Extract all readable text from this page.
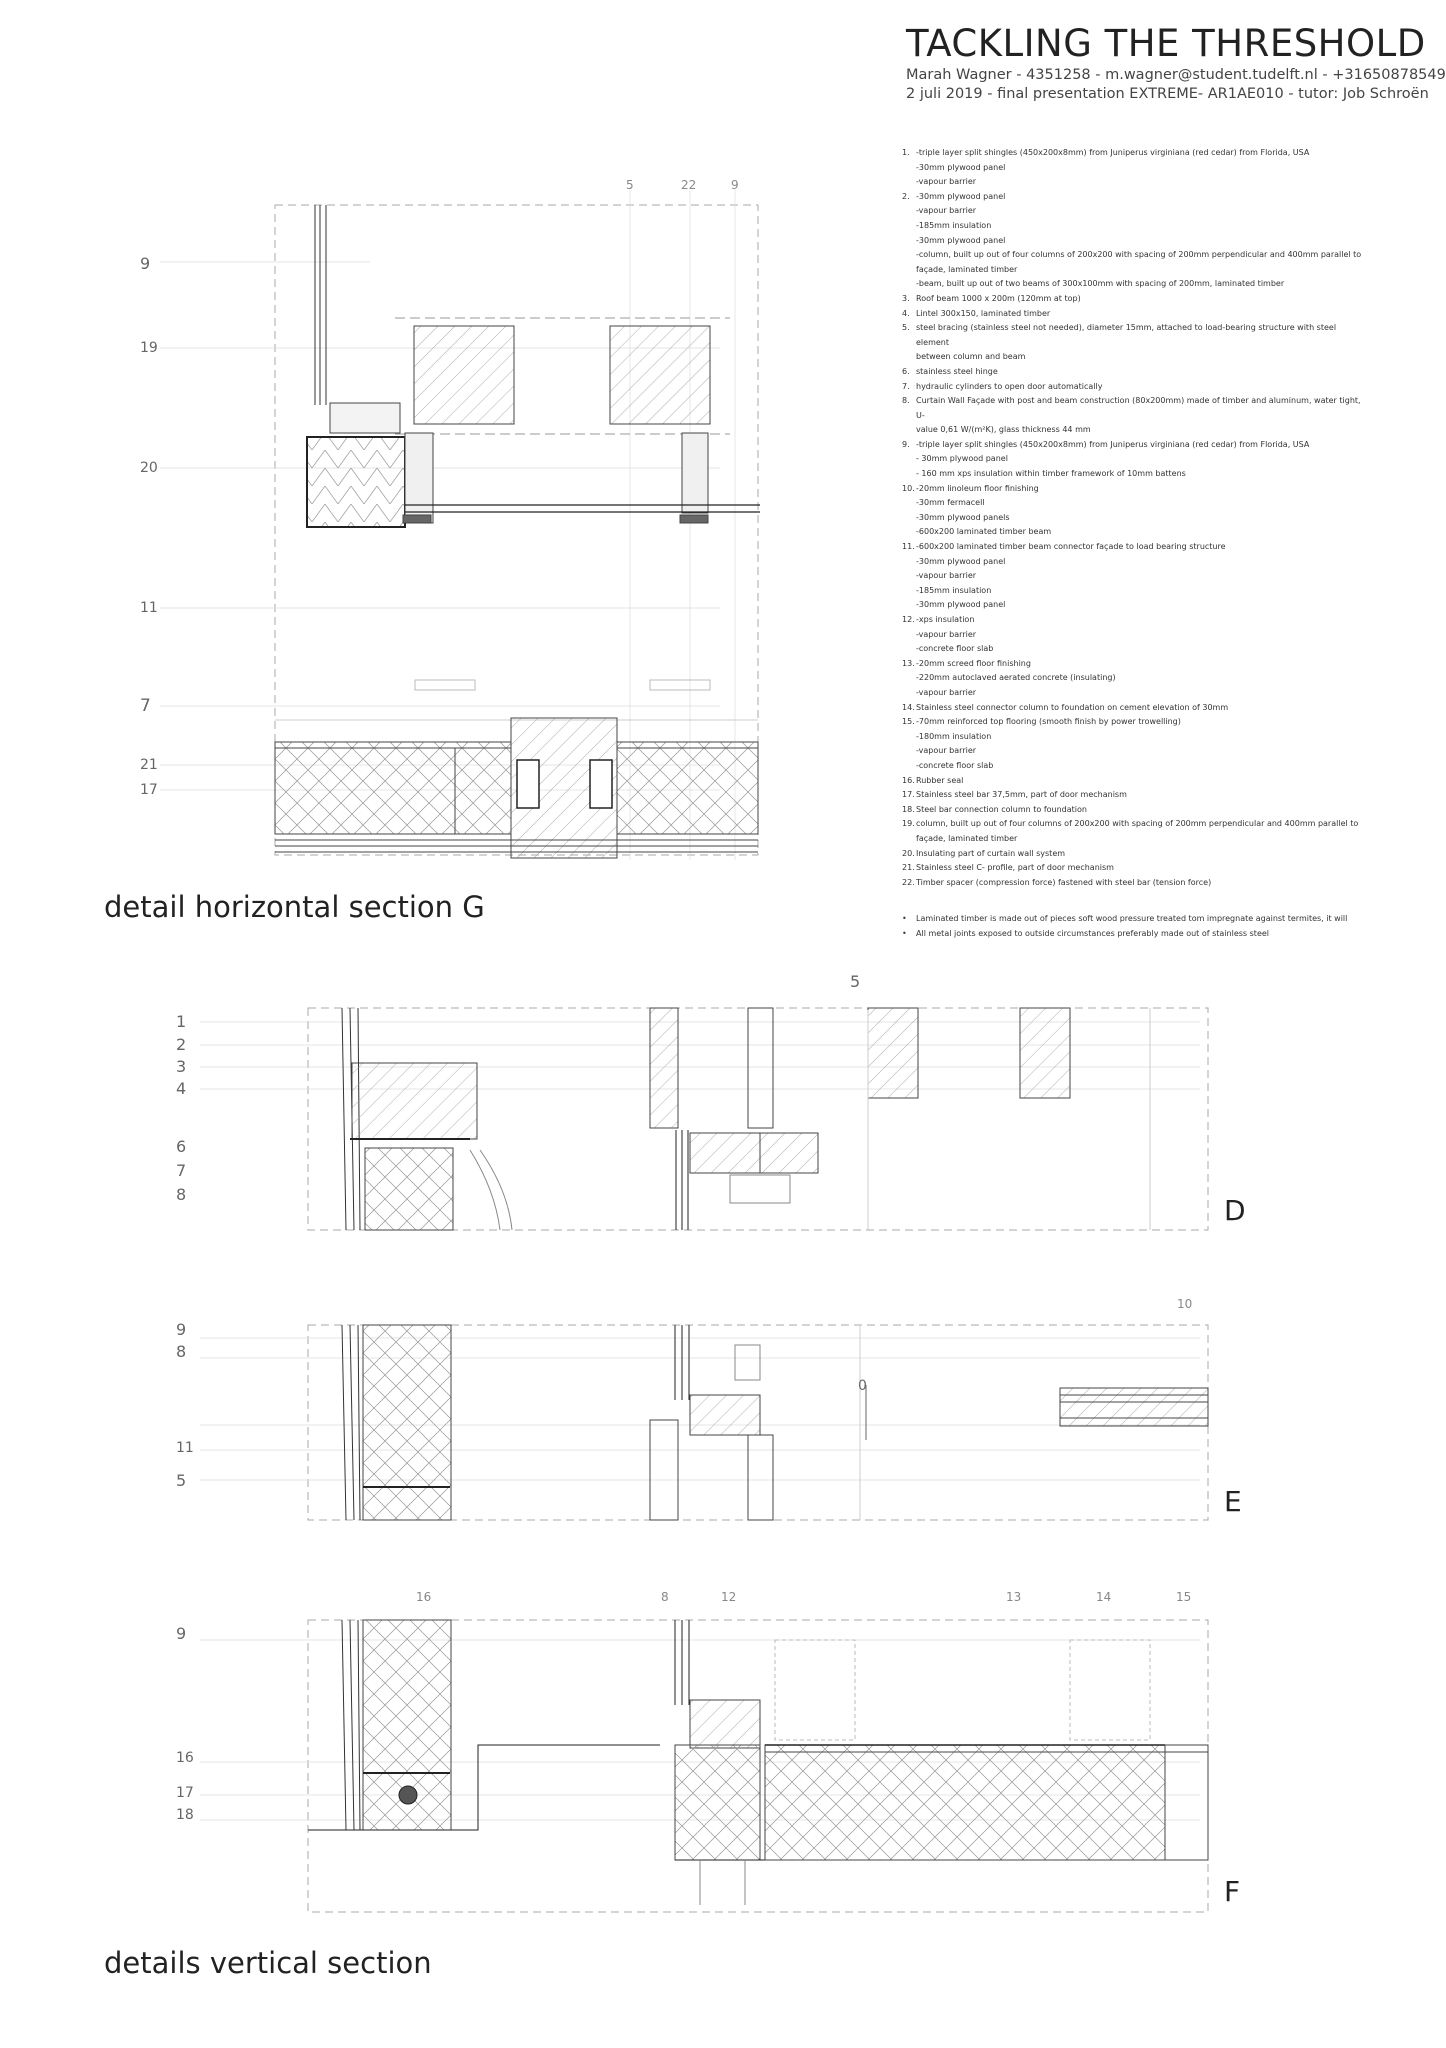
TACKLING THE THRESHOLD
Marah Wagner - 4351258 - m.wagner@student.tudelft.nl - +31650878549
2 juli 2019 - final presentation EXTREME- AR1AE010 - tutor: Job Schroën
1. -triple layer split shingles (450x200x8mm) from Juniperus virginiana (red cedar) from Florida, USA
-30mm plywood panel
-vapour barrier
2. -30mm plywood panel
-vapour barrier
-185mm insulation
-30mm plywood panel
-column, built up out of four columns of 200x200 with spacing of 200mm perpendicular and 400mm parallel to
façade, laminated timber
-beam, built up out of two beams of 300x100mm with spacing of 200mm, laminated timber
3. Roof beam 1000 x 200m (120mm at top)
4. Lintel 300x150, laminated timber
5. steel bracing (stainless steel not needed), diameter 15mm, attached to load-bearing structure with steel element
between column and beam
6. stainless steel hinge
7. hydraulic cylinders to open door automatically
8. Curtain Wall Façade with post and beam construction (80x200mm) made of timber and aluminum, water tight, U-
value 0,61 W/(m²K), glass thickness 44 mm
9. -triple layer split shingles (450x200x8mm) from Juniperus virginiana (red cedar) from Florida, USA
- 30mm plywood panel
- 160 mm xps insulation within timber framework of 10mm battens
10. -20mm linoleum floor finishing
-30mm fermacell
-30mm plywood panels
-600x200 laminated timber beam
11. -600x200 laminated timber beam connector façade to load bearing structure
-30mm plywood panel
-vapour barrier
-185mm insulation
-30mm plywood panel
12. -xps insulation
-vapour barrier
-concrete floor slab
13. -20mm screed floor finishing
-220mm autoclaved aerated concrete (insulating)
-vapour barrier
14. Stainless steel connector column to foundation on cement elevation of 30mm
15. -70mm reinforced top flooring (smooth finish by power trowelling)
-180mm insulation
-vapour barrier
-concrete floor slab
16. Rubber seal
17. Stainless steel bar 37,5mm, part of door mechanism
18. Steel bar connection column to foundation
19. column, built up out of four columns of 200x200 with spacing of 200mm perpendicular and 400mm parallel to
façade, laminated timber
20. Insulating part of curtain wall system
21. Stainless steel C- profile, part of door mechanism
22. Timber spacer (compression force) fastened with steel bar (tension force)
•	Laminated timber is made out of pieces soft wood pressure treated tom impregnate against termites, it will
•	All metal joints exposed to outside circumstances preferably made out of stainless steel
detail horizontal section G
details vertical section
D
E
F
9
19
20
11
7
21
17
5	22	9
1
2
3
4
6
7
8
5
9
8
11
5
10
0
9
16
17
18
16	8	12	13	14	15
